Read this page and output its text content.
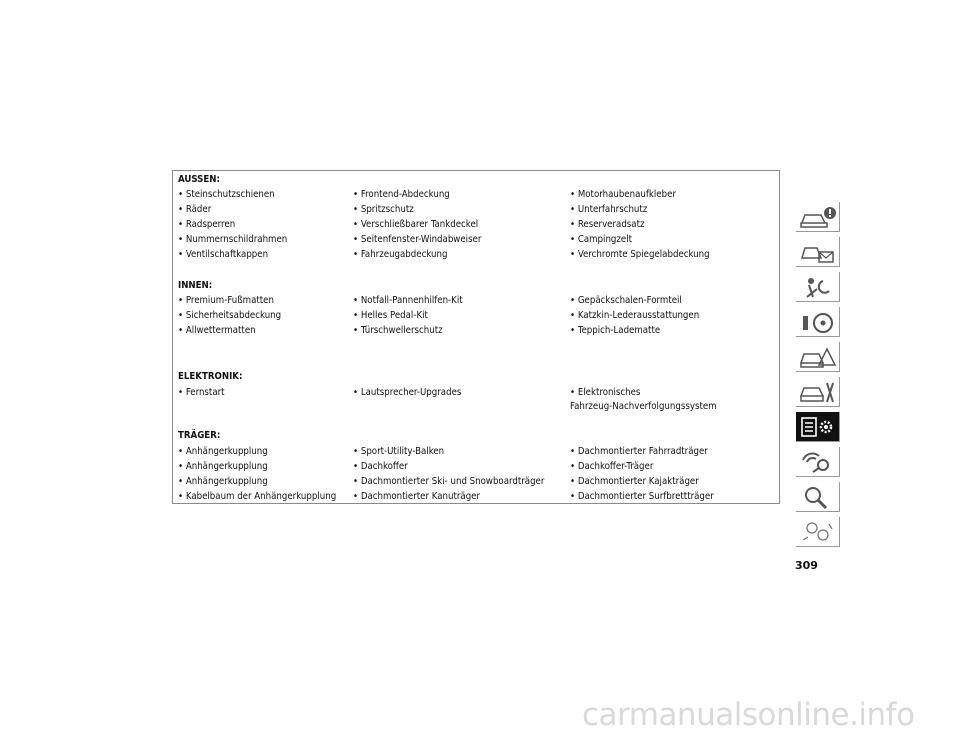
AUSSEN:
• Steinschutzschienen	• Frontend-Abdeckung	• Motorhaubenaufkleber
• Räder	• Spritzschutz	• Unterfahrschutz
• Radsperren	• Verschließbarer Tankdeckel	• Reserveradsatz
• Nummernschildrahmen	• Seitenfenster-Windabweiser	• Campingzelt
• Ventilschaftkappen	• Fahrzeugabdeckung	• Verchromte Spiegelabdeckung
INNEN:
• Premium-Fußmatten	• Notfall-Pannenhilfen-Kit	• Gepäckschalen-Formteil
• Sicherheitsabdeckung	• Helles Pedal-Kit	• Katzkin-Lederausstattungen
• Allwettermatten	• Türschwellerschutz	• Teppich-Ladematte
ELEKTRONIK:
• Fernstart	• Lautsprecher-Upgrades	• Elektronisches
Fahrzeug-Nachverfolgungssystem
TRÄGER:
• Anhängerkupplung	• Sport-Utility-Balken	• Dachmontierter Fahrradträger
• Anhängerkupplung	• Dachkoffer	• Dachkoffer-Träger
• Anhängerkupplung	• Dachmontierter Ski- und Snowboardträger	• Dachmontierter Kajakträger
• Kabelbaum der Anhängerkupplung • Dachmontierter Kanuträger	• Dachmontierter Surfbrettträger
309
carmanualsonline.info
